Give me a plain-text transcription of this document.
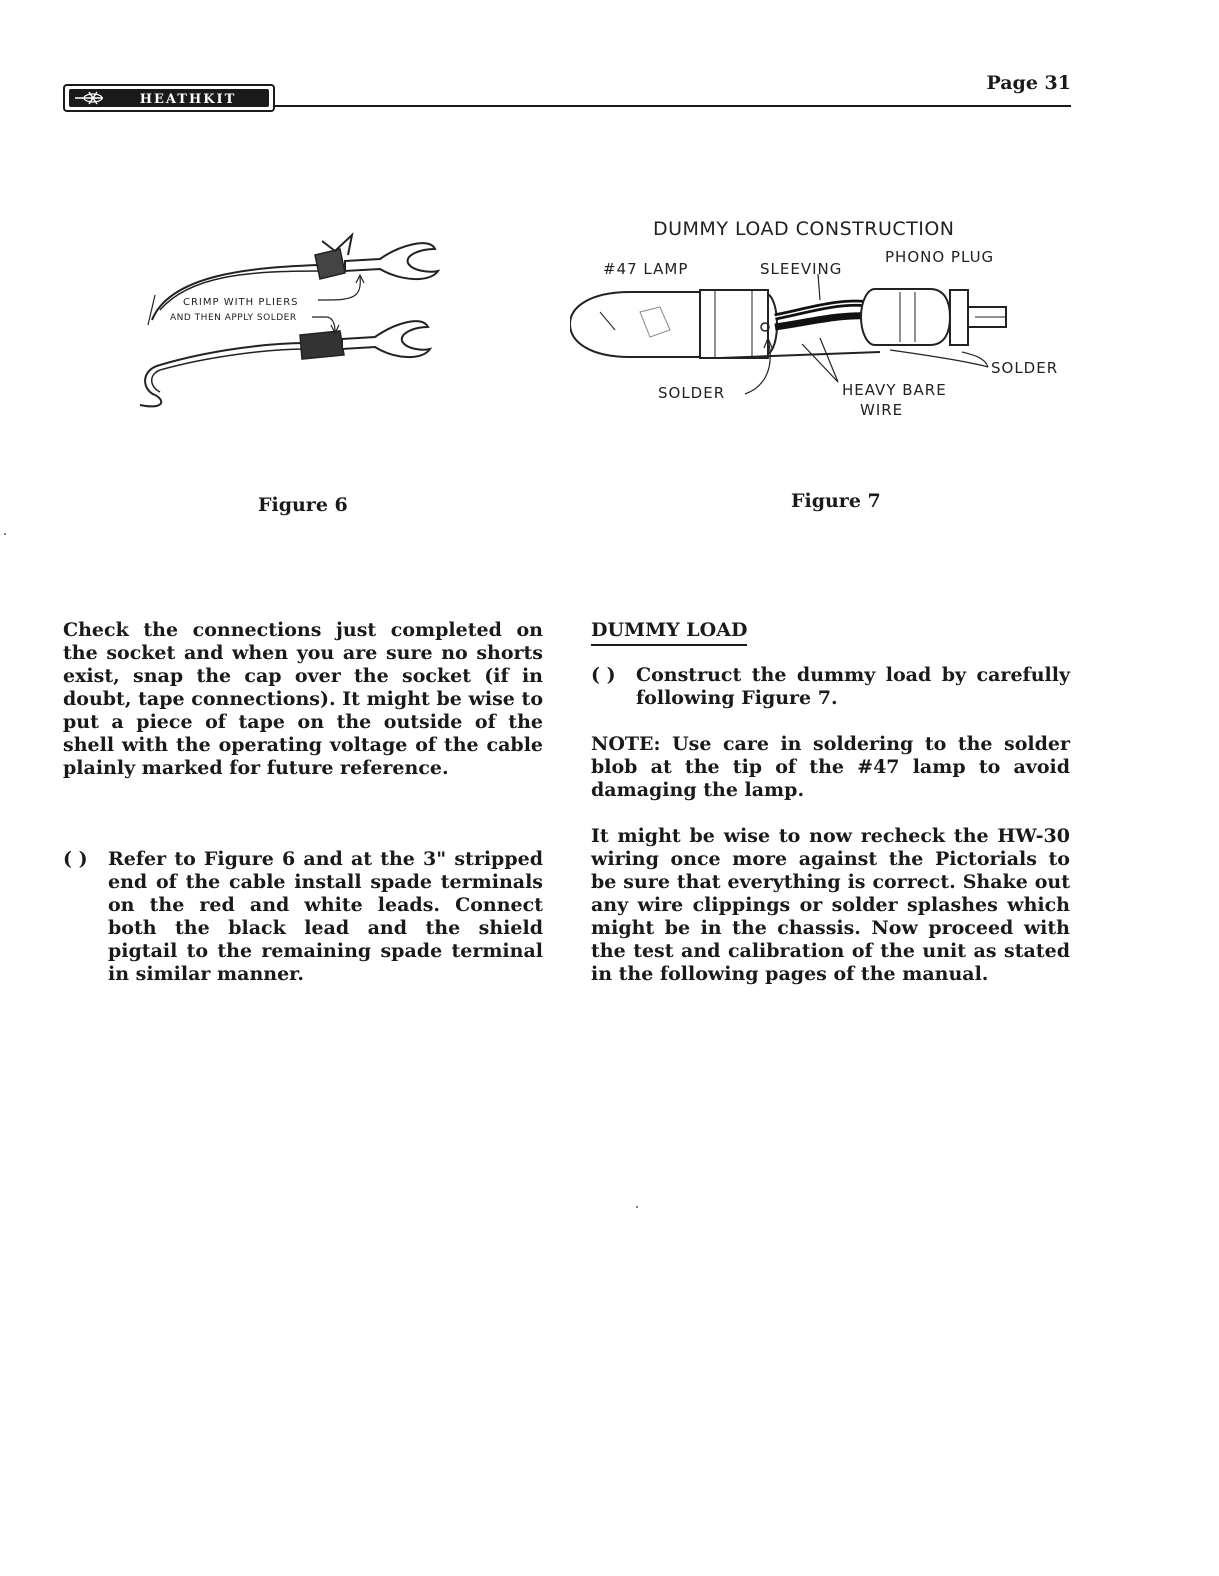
HEATHKIT
Page 31
CRIMP WITH PLIERS
AND THEN APPLY SOLDER
Figure 6
DUMMY LOAD CONSTRUCTION
#47 LAMP	SLEEVING
PHONO PLUG
SOLDER	HEAVY BARE
WIRE
SOLDER
Figure 7

Check the connections just completed on the socket and when you are sure no shorts exist, snap the cap over the socket (if in doubt, tape connections). It might be wise to put a piece of tape on the outside of the shell with the operating voltage of the cable plainly marked for future reference.

( )	Refer to Figure 6 and at the 3" stripped end of the cable install spade terminals on the red and white leads. Connect both the black lead and the shield pigtail to the remaining spade terminal in similar manner.
DUMMY LOAD
( )	Construct the dummy load by carefully following Figure 7.

NOTE: Use care in soldering to the solder blob at the tip of the #47 lamp to avoid damaging the lamp.

It might be wise to now recheck the HW-30 wiring once more against the Pictorials to be sure that everything is correct. Shake out any wire clippings or solder splashes which might be in the chassis. Now proceed with the test and calibration of the unit as stated in the following pages of the manual.
